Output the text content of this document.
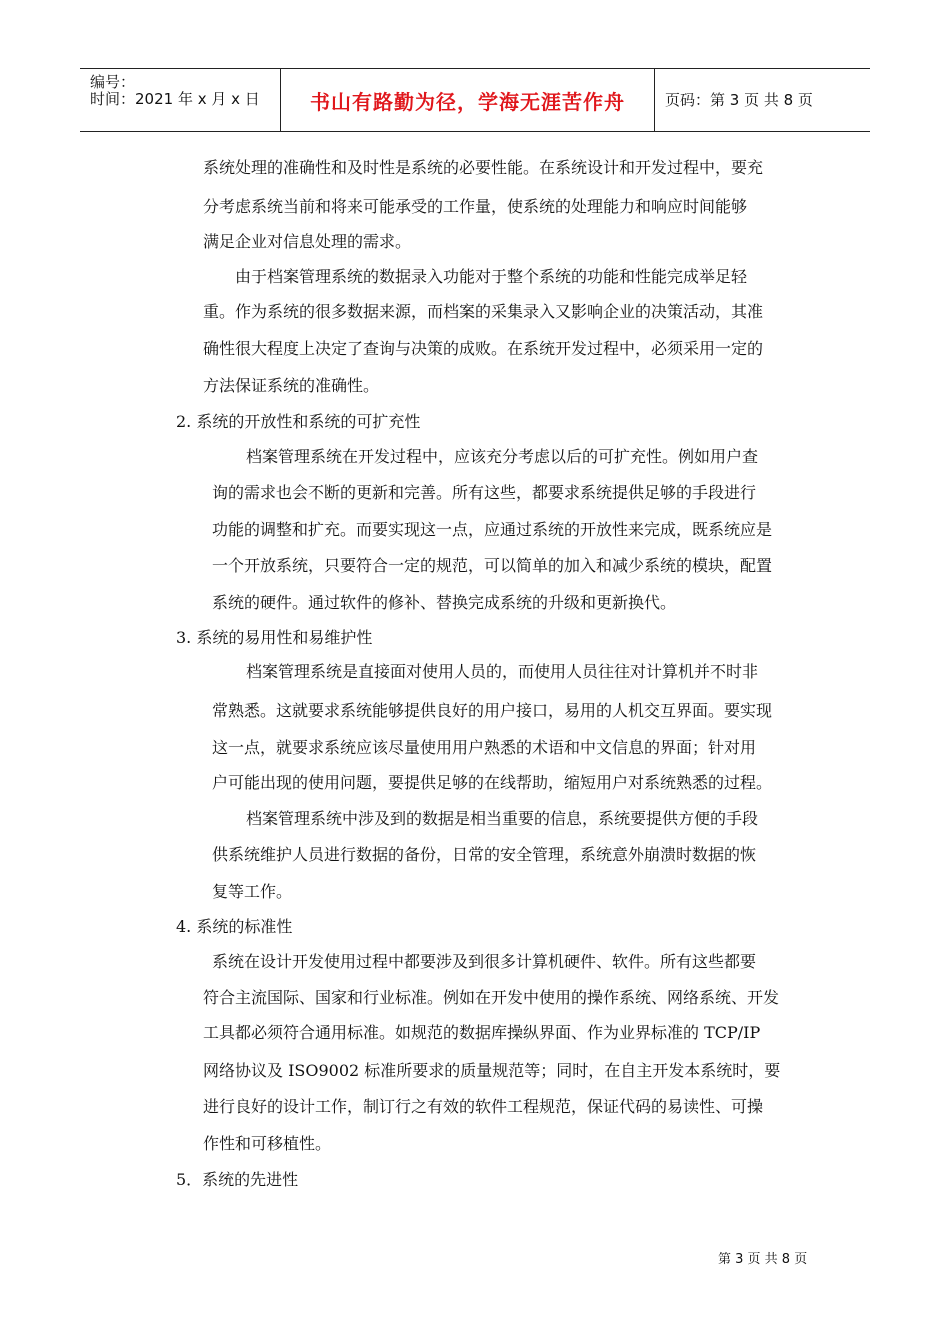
编号：
时间：2021 年 x 月 x 日	书山有路勤为径，学海无涯苦作舟	页码：第 3 页 共 8 页
系统处理的准确性和及时性是系统的必要性能。在系统设计和开发过程中，要充
分考虑系统当前和将来可能承受的工作量，使系统的处理能力和响应时间能够
满足企业对信息处理的需求。
由于档案管理系统的数据录入功能对于整个系统的功能和性能完成举足轻
重。作为系统的很多数据来源，而档案的采集录入又影响企业的决策活动，其准
确性很大程度上决定了查询与决策的成败。在系统开发过程中，必须采用一定的
方法保证系统的准确性。
2. 系统的开放性和系统的可扩充性
档案管理系统在开发过程中，应该充分考虑以后的可扩充性。例如用户查
询的需求也会不断的更新和完善。所有这些，都要求系统提供足够的手段进行
功能的调整和扩充。而要实现这一点，应通过系统的开放性来完成，既系统应是
一个开放系统，只要符合一定的规范，可以简单的加入和减少系统的模块，配置
系统的硬件。通过软件的修补、替换完成系统的升级和更新换代。
3. 系统的易用性和易维护性
档案管理系统是直接面对使用人员的，而使用人员往往对计算机并不时非
常熟悉。这就要求系统能够提供良好的用户接口，易用的人机交互界面。要实现
这一点，就要求系统应该尽量使用用户熟悉的术语和中文信息的界面；针对用
户可能出现的使用问题，要提供足够的在线帮助，缩短用户对系统熟悉的过程。
档案管理系统中涉及到的数据是相当重要的信息，系统要提供方便的手段
供系统维护人员进行数据的备份，日常的安全管理，系统意外崩溃时数据的恢
复等工作。
4. 系统的标准性
系统在设计开发使用过程中都要涉及到很多计算机硬件、软件。所有这些都要
符合主流国际、国家和行业标准。例如在开发中使用的操作系统、网络系统、开发
工具都必须符合通用标准。如规范的数据库操纵界面、作为业界标准的 TCP/IP
网络协议及 ISO9002 标准所要求的质量规范等；同时，在自主开发本系统时，要
进行良好的设计工作，制订行之有效的软件工程规范，保证代码的易读性、可操
作性和可移植性。
5．系统的先进性
第 3 页 共 8 页
